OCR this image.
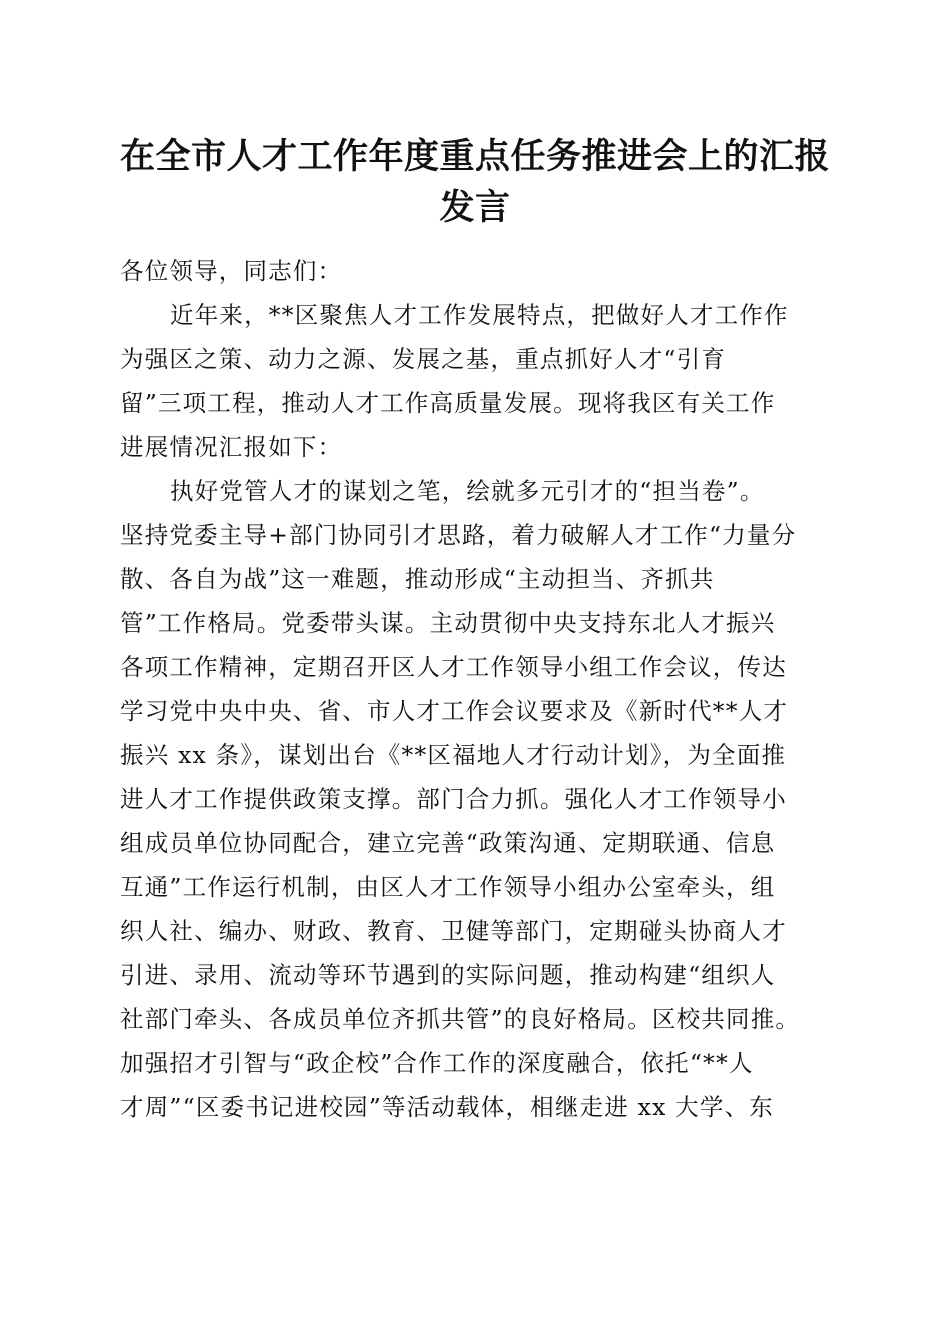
在全市人才工作年度重点任务推进会上的汇报
发言
各位领导，同志们：
近年来，**区聚焦人才工作发展特点，把做好人才工作作
为强区之策、动力之源、发展之基，重点抓好人才“引育
留”三项工程，推动人才工作高质量发展。现将我区有关工作
进展情况汇报如下：
执好党管人才的谋划之笔，绘就多元引才的“担当卷”。
坚持党委主导+部门协同引才思路，着力破解人才工作“力量分
散、各自为战”这一难题，推动形成“主动担当、齐抓共
管”工作格局。党委带头谋。主动贯彻中央支持东北人才振兴
各项工作精神，定期召开区人才工作领导小组工作会议，传达
学习党中央中央、省、市人才工作会议要求及《新时代**人才
振兴 xx 条》，谋划出台《**区福地人才行动计划》，为全面推
进人才工作提供政策支撑。部门合力抓。强化人才工作领导小
组成员单位协同配合，建立完善“政策沟通、定期联通、信息
互通”工作运行机制，由区人才工作领导小组办公室牵头，组
织人社、编办、财政、教育、卫健等部门，定期碰头协商人才
引进、录用、流动等环节遇到的实际问题，推动构建“组织人
社部门牵头、各成员单位齐抓共管”的良好格局。区校共同推。
加强招才引智与“政企校”合作工作的深度融合，依托“**人
才周”“区委书记进校园”等活动载体，相继走进 xx 大学、东
